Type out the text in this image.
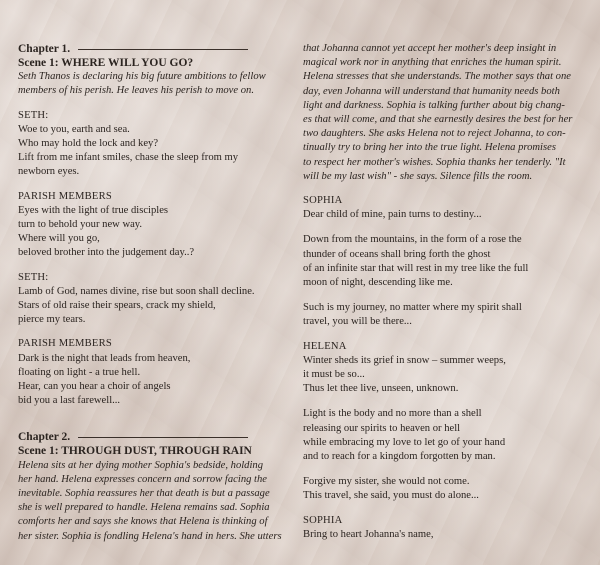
Chapter 1.
Scene 1: WHERE WILL YOU GO?
Seth Thanos is declaring his big future ambitions to fellow
members of his perish. He leaves his perish to move on.
SETH:
Woe to you, earth and sea.
Who may hold the lock and key?
Lift from me infant smiles, chase the sleep from my
newborn eyes.
PARISH MEMBERS
Eyes with the light of true disciples
turn to behold your new way.
Where will you go,
beloved brother into the judgement day..?
SETH:
Lamb of God, names divine, rise but soon shall decline.
Stars of old raise their spears, crack my shield,
pierce my tears.
PARISH MEMBERS
Dark is the night that leads from heaven,
floating on light - a true hell.
Hear, can you hear a choir of angels
bid you a last farewell...
Chapter 2.
Scene 1: THROUGH DUST, THROUGH RAIN
Helena sits at her dying mother Sophia's bedside, holding
her hand. Helena expresses concern and sorrow facing the
inevitable. Sophia reassures her that death is but a passage
she is well prepared to handle. Helena remains sad. Sophia
comforts her and says she knows that Helena is thinking of
her sister. Sophia is fondling Helena's hand in hers. She utters
that Johanna cannot yet accept her mother's deep insight in
magical work nor in anything that enriches the human spirit.
Helena stresses that she understands. The mother says that one
day, even Johanna will understand that humanity needs both
light and darkness. Sophia is talking further about big chang-
es that will come, and that she earnestly desires the best for her
two daughters. She asks Helena not to reject Johanna, to con-
tinually try to bring her into the true light. Helena promises
to respect her mother's wishes. Sophia thanks her tenderly. "It
will be my last wish" - she says. Silence fills the room.
SOPHIA
Dear child of mine, pain turns to destiny...
Down from the mountains, in the form of a rose the
thunder of oceans shall bring forth the ghost
of an infinite star that will rest in my tree like the full
moon of night, descending like me.
Such is my journey, no matter where my spirit shall
travel, you will be there...
HELENA
Winter sheds its grief in snow – summer weeps,
it must be so...
Thus let thee live, unseen, unknown.
Light is the body and no more than a shell
releasing our spirits to heaven or hell
while embracing my love to let go of your hand
and to reach for a kingdom forgotten by man.
Forgive my sister, she would not come.
This travel, she said, you must do alone...
SOPHIA
Bring to heart Johanna's name,
